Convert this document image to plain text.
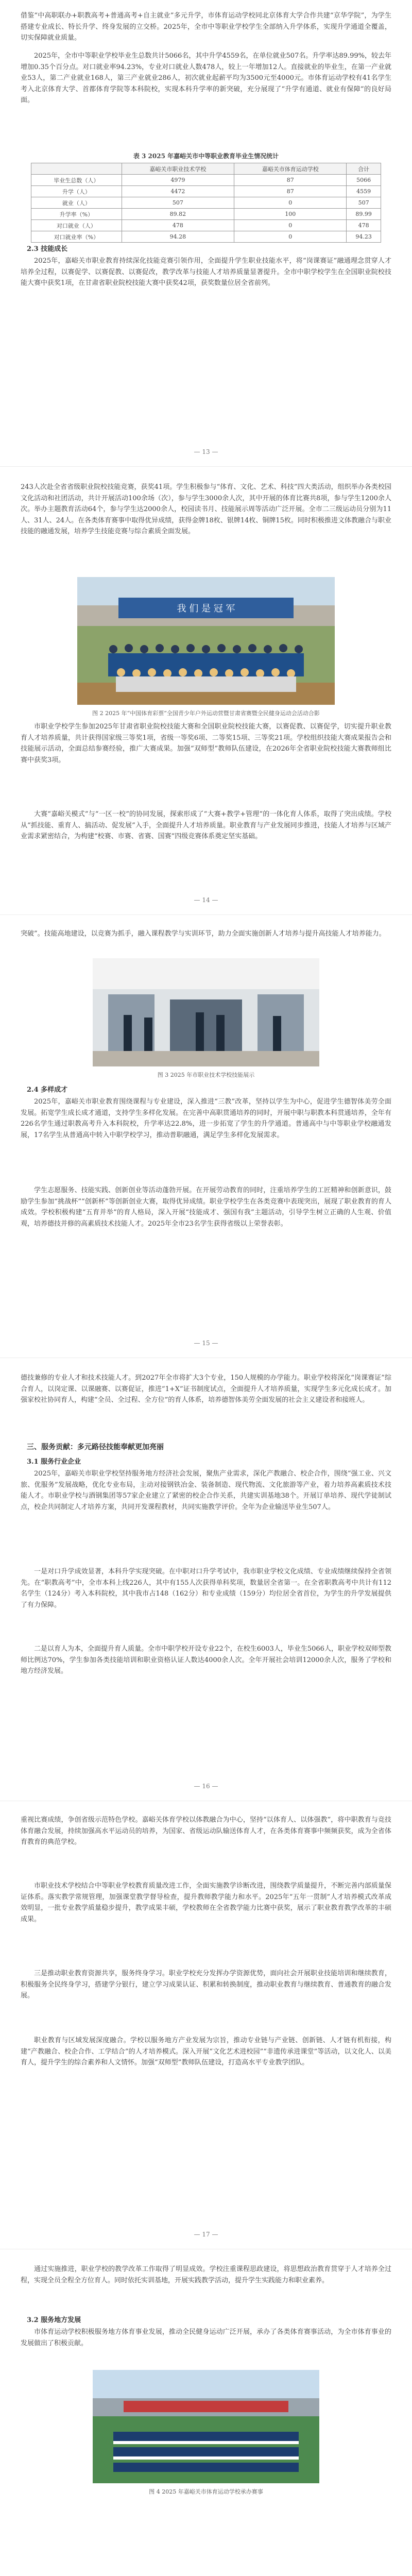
借鉴“中高职联办+职教高考+普通高考+自主就业”多元升学，市体育运动学校同北京体育大学合作共建“京华学院”，为学生搭建专业成长、特长升学、终身发展的立交桥。2025年，全市中等职业学校学生全部纳入升学体系，实现升学通道全覆盖，切实保障就业质量。
2025年，全市中等职业学校毕业生总数共计5066名，其中升学4559名，在单位就业507名。升学率达89.99%，较去年增加0.35个百分点。对口就业率94.23%，专业对口就业人数478人，较上一年增加12人。直接就业的毕业生，在第一产业就业53人，第二产业就业168人，第三产业就业286人，初次就业起薪平均为3500元至4000元。市体育运动学校有41名学生考入北京体育大学、首都体育学院等本科院校，实现本科升学率的新突破，充分展现了“升学有通道、就业有保障”的良好局面。
表 3 2025 年嘉峪关市中等职业教育毕业生情况统计
	嘉峪关市职业技术学校	嘉峪关市体育运动学校	合计
毕业生总数（人）	4979	87	5066
升学（人）	4472	87	4559
就业（人）	507	0	507
升学率（%）	89.82	100	89.99
对口就业（人）	478	0	478
对口就业率（%）	94.28	0	94.23
2.3 技能成长
2025年，嘉峪关市职业教育持续深化技能竞赛引领作用，全面提升学生职业技能水平，将“岗课赛证”融通理念贯穿人才培养全过程，以赛促学、以赛促教、以赛促改，教学改革与技能人才培养质量显著提升。全市中职学校学生在全国职业院校技能大赛中获奖1项，在甘肃省职业院校技能大赛中获奖42项，获奖数量位居全省前列。
— 13 —
243人次赴全省省级职业院校技能竞赛，获奖41项。学生积极参与“体育、文化、艺术、科技”四大类活动，组织举办各类校园文化活动和社团活动，共计开展活动100余场（次），参与学生3000余人次，其中开展的体育比赛共8项，参与学生1200余人次。举办主题教育活动64个，参与学生达2000余人，校园读书月、技能展示周等活动广泛开展。全市二三级运动员分别为11人、31人、24人。在各类体育赛事中取得优异成绩，获得金牌18枚、银牌14枚、铜牌15枚。同时积极推进文体教融合与职业技能的融通发展，培养学生技能竞赛与综合素质全面发展。
我 们 是 冠 军
图 2 2025 年“中国体育彩票”全国青少年户外运动营暨甘肃省赛暨全民健身运动会活动合影
市职业学校学生参加2025年甘肃省职业院校技能大赛和全国职业院校技能大赛，以赛促教、以赛促学，切实提升职业教育人才培养质量，共计获得国家级三等奖1项，省级一等奖6项、二等奖15项、三等奖21项。学校组织技能大赛成果报告会和技能展示活动，全面总结参赛经验，推广大赛成果。加强“双师型”教师队伍建设，在2026年全省职业院校技能大赛教师组比赛中获奖3项。
大赛“嘉峪关模式”与“一区一校”的协同发展，探索形成了“大赛+教学+管理”的一体化育人体系，取得了突出成绩。学校从“抓技能、重育人、搞活动、促发展”入手，全面提升人才培养质量。职业教育与产业发展同步推进，技能人才培养与区域产业需求紧密结合，为构建“校赛、市赛、省赛、国赛”四级竞赛体系奠定坚实基础。
— 14 —
突破”。技能高地建设，以竞赛为抓手，融入课程教学与实训环节，助力全面实施创新人才培养与提升高技能人才培养能力。
图 3 2025 年市职业技术学校技能展示
2.4 多样成才
2025年，嘉峪关市职业教育围绕课程与专业建设，深入推进“三教”改革，坚持以学生为中心，促进学生德智体美劳全面发展。拓宽学生成长成才通道，支持学生多样化发展。在完善中高职贯通培养的同时，开展中职与职教本科贯通培养，全年有226名学生通过职教高考升入本科院校，升学率达22.8%，进一步拓宽了学生的升学通道。普通高中与中等职业学校融通发展，17名学生从普通高中转入中职学校学习，推动普职融通，满足学生多样化发展需求。
学生志愿服务、技能实践、创新创业等活动蓬勃开展。在开展劳动教育的同时，注重培养学生的工匠精神和创新意识，鼓励学生参加“挑战杯”“创新杯”等创新创业大赛，取得优异成绩。职业学校学生在各类竞赛中表现突出，展现了职业教育的育人成效。学校积极构建“五育并举”的育人格局，深入开展“技能成才、强国有我”主题活动，引导学生树立正确的人生观、价值观，培养德技并修的高素质技术技能人才。2025年全市23名学生获得省级以上荣誉表彰。
— 15 —
德技兼修的专业人才和技术技能人才。到2027年全市将扩大3个专业，150人规模的办学能力。职业学校将深化“岗课赛证”综合育人，以岗定课、以课融赛、以赛促证，推进“1+X”证书制度试点，全面提升人才培养质量，实现学生多元化成长成才。加强家校社协同育人，构建“全员、全过程、全方位”的育人体系，培养德智体美劳全面发展的社会主义建设者和接班人。
三、服务贡献：多元路径技能奉献更加亮丽
3.1 服务行业企业
2025年，嘉峪关市职业学校坚持服务地方经济社会发展，聚焦产业需求，深化产教融合、校企合作，围绕“强工业、兴文旅、优服务”发展战略，优化专业布局，主动对接钢铁冶金、装备制造、现代物流、文化旅游等产业，着力培养高素质技术技能人才。市职业学校与酒钢集团等57家企业建立了紧密的校企合作关系，共建实训基地38个。开展订单培养、现代学徒制试点，校企共同制定人才培养方案，共同开发课程教材，共同实施教学评价。全年为企业输送毕业生507人。
一是对口升学成效显著，本科升学实现突破。在中职对口升学考试中，我市职业学校文化成绩、专业成绩继续保持全省领先。在“职教高考”中，全市本科上线226人，其中有155人次获得单科奖项，数量居全省第一。在全省职教高考中共计有112名学生（124分）考入本科院校，其中我市占148（162分）和专业成绩（159分）均位居全省首位，为学生的升学发展提供了有力保障。
二是以育人为本，全面提升育人质量。全市中职学校开设专业22个，在校生6003人，毕业生5066人，职业学校双师型教师比例达70%，学生参加各类技能培训和职业资格认证人数达4000余人次。全年开展社会培训12000余人次，服务了学校和地方经济发展。
— 16 —
重视比赛成绩，争创省级示范特色学校。嘉峪关体育学校以体教融合为中心，坚持“以体育人、以体强教”，将中职教育与竞技体育融合发展，持续加强高水平运动员的培养，为国家、省级运动队输送体育人才，在各类体育赛事中频频获奖，成为全省体育教育的典范学校。
市职业技术学校结合中等职业学校教育质量改进工作，全面实施教学诊断改进，围绕教学质量提升，不断完善内部质量保证体系。落实教学常规管理，加强课堂教学督导检查，提升教师教学能力和水平。2025年“五年一贯制”人才培养模式改革成效明显，一批专业教学质量稳步提升，教学成果丰硕，学校教师在全省教学能力比赛中获奖，展示了职业教育教学改革的丰硕成果。
三是推动职业教育资源共享，服务终身学习。职业学校充分发挥办学资源优势，面向社会开展职业技能培训和继续教育，积极服务全民终身学习，搭建学分银行，建立学习成果认证、积累和转换制度，推动职业教育与继续教育、普通教育的融合发展。
职业教育与区域发展深度融合。学校以服务地方产业发展为宗旨，推动专业链与产业链、创新链、人才链有机衔接，构建“产教融合、校企合作、工学结合”的人才培养模式。深入开展“文化艺术进校园”“非遗传承进课堂”等活动，以文化人、以美育人，提升学生的综合素养和人文情怀。加强“双师型”教师队伍建设，打造高水平专业教学团队。
— 17 —
通过实施推进，职业学校的教学改革工作取得了明显成效。学校注重课程思政建设，将思想政治教育贯穿于人才培养全过程，实现全员全程全方位育人。同时依托实训基地，开展实践教学活动，提升学生实践能力和职业素养。
3.2 服务地方发展
市体育运动学校积极服务地方体育事业发展，推动全民健身运动广泛开展，承办了各类体育赛事活动，为全市体育事业的发展做出了积极贡献。
图 4 2025 年嘉峪关市体育运动学校承办赛事
